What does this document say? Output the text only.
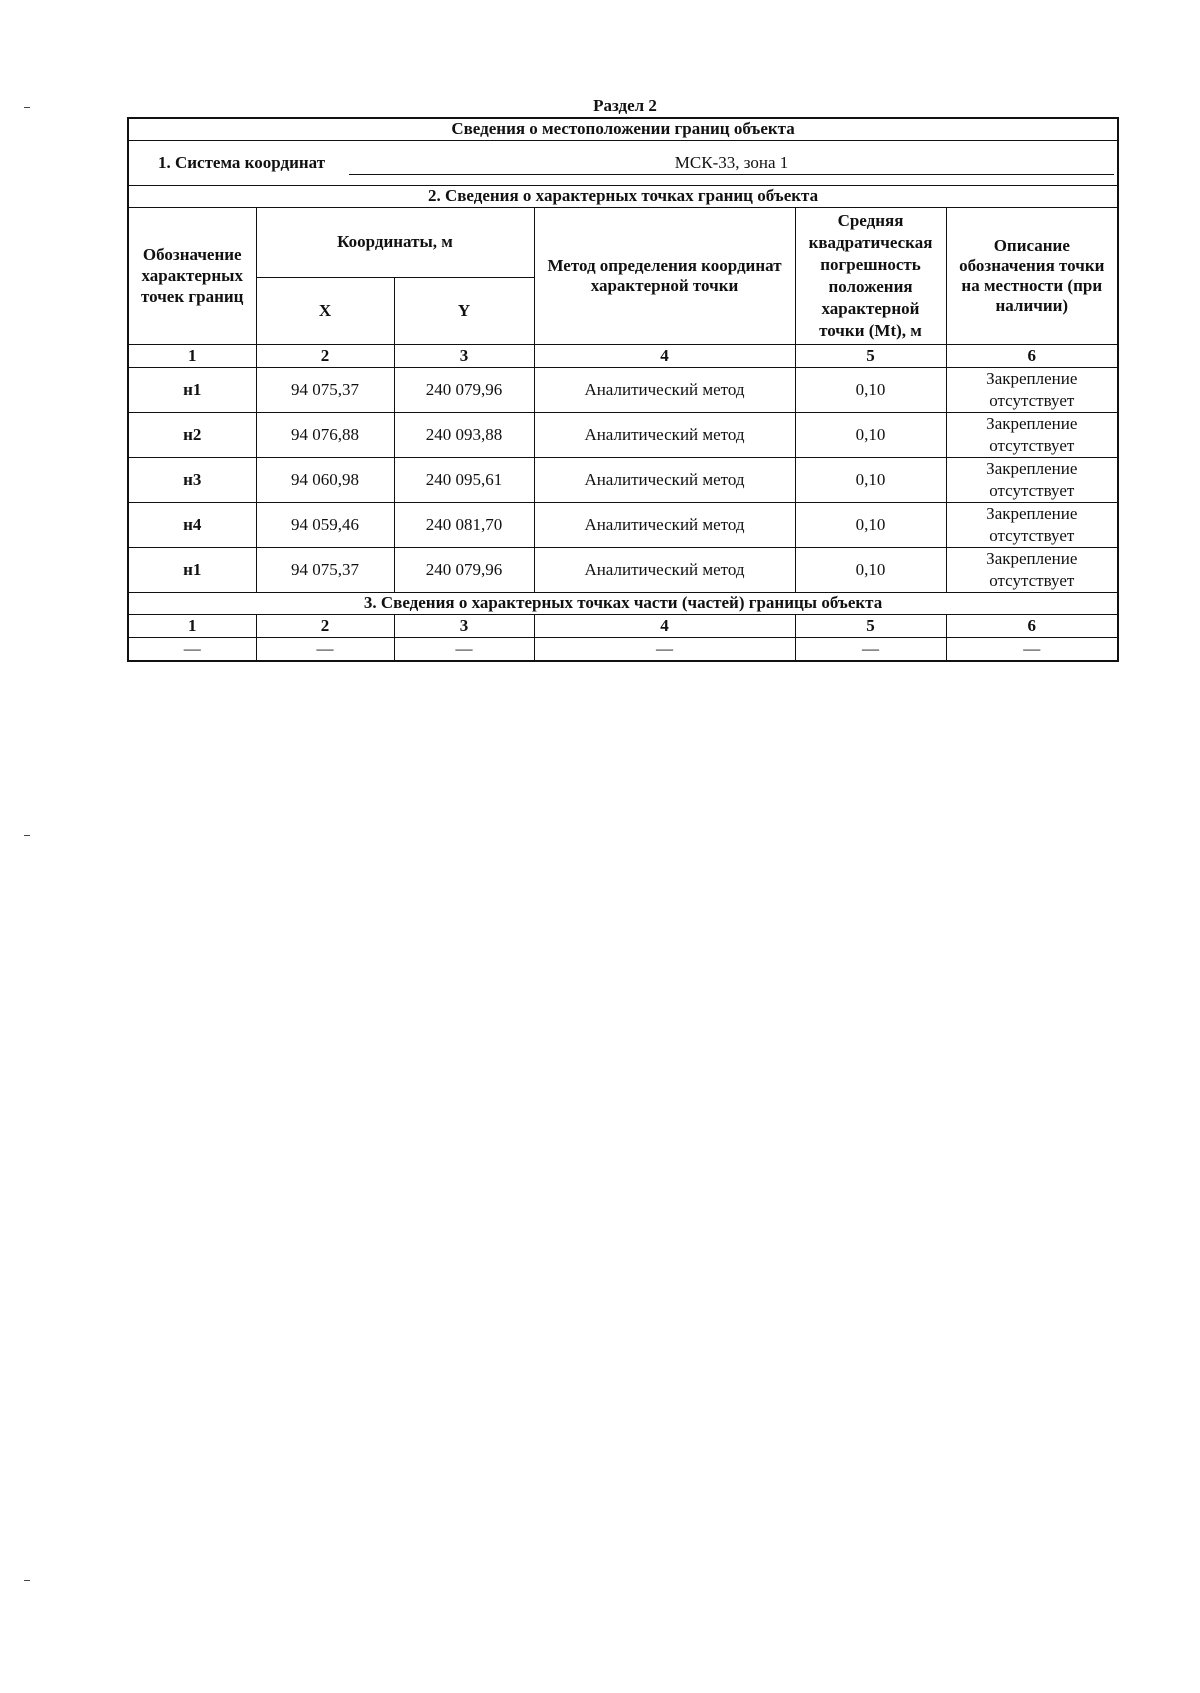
Раздел 2
Сведения о местоположении границ объекта					

1. Система координат МСК-33, зона 1					

2. Сведения о характерных точках границ объекта					
Обозначение характерных точек границ	Координаты, м		Метод определения координат характерной точки	Средняя квадратическая погрешность положения характерной точки (Mt), м	Описание обозначения точки на местности (при наличии)
	X	Y			
1	2	3	4	5	6
н1	94 075,37	240 079,96	Аналитический метод	0,10	Закрепление отсутствует
н2	94 076,88	240 093,88	Аналитический метод	0,10	Закрепление отсутствует
н3	94 060,98	240 095,61	Аналитический метод	0,10	Закрепление отсутствует
н4	94 059,46	240 081,70	Аналитический метод	0,10	Закрепление отсутствует
н1	94 075,37	240 079,96	Аналитический метод	0,10	Закрепление отсутствует
3. Сведения о характерных точках части (частей) границы объекта					
1	2	3	4	5	6
—	—	—	—	—	—
